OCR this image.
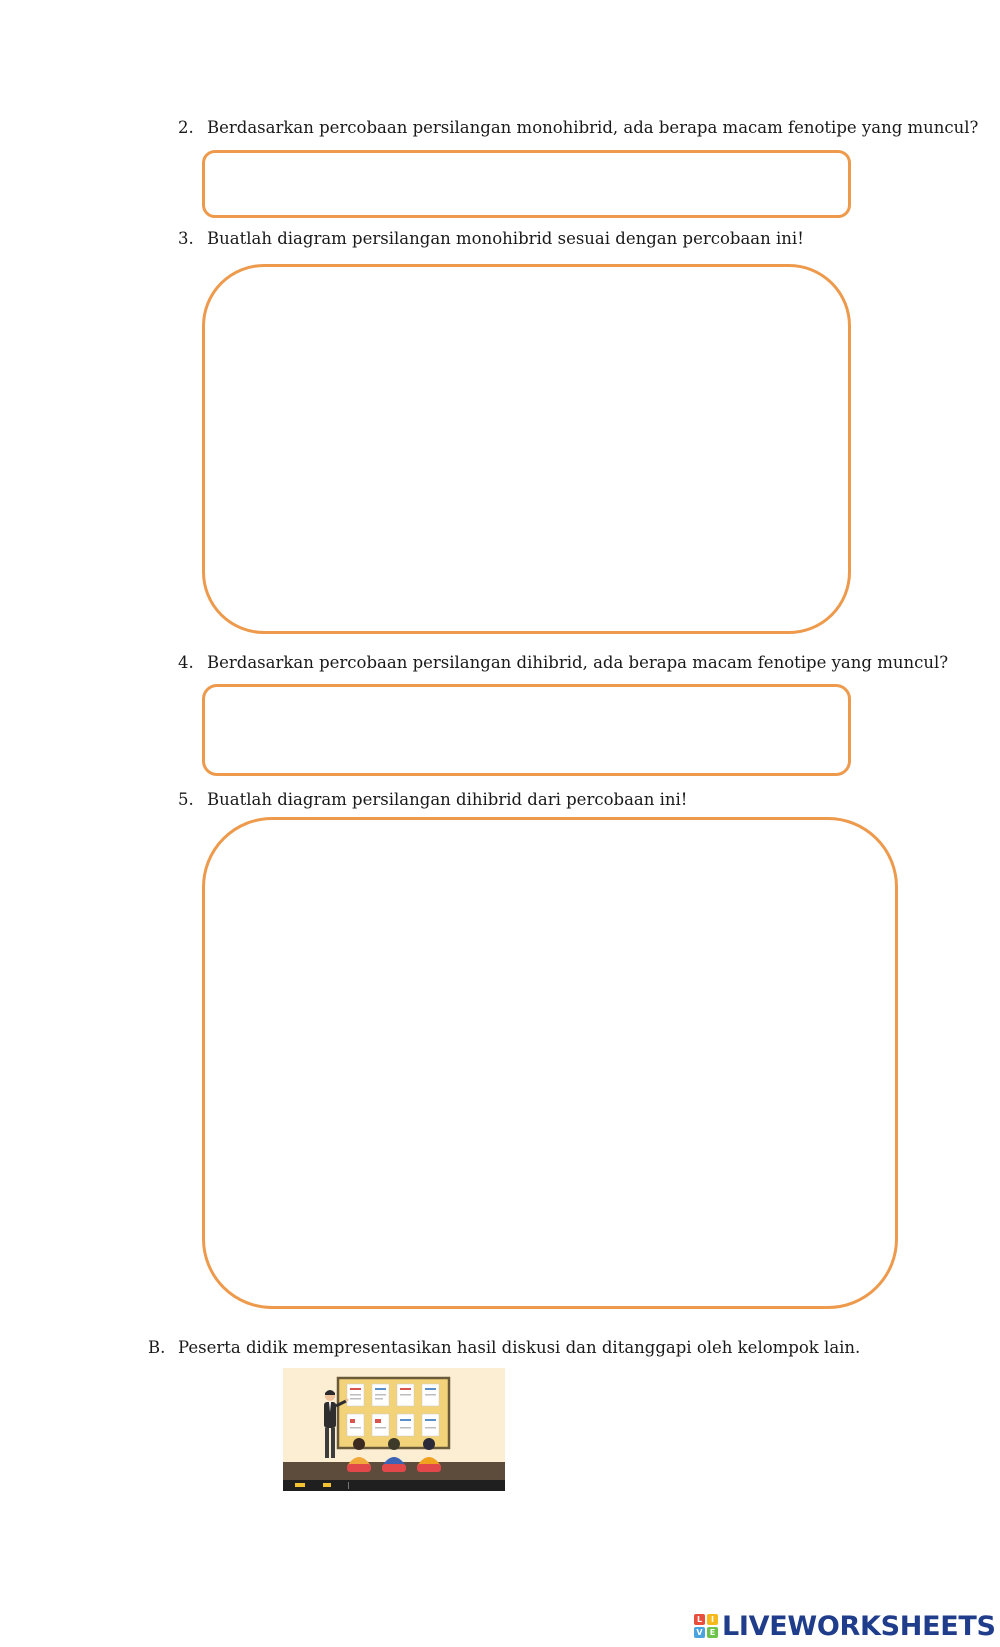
2. Berdasarkan percobaan persilangan monohibrid, ada berapa macam fenotipe yang muncul?
3. Buatlah diagram persilangan monohibrid sesuai dengan percobaan ini!
4. Berdasarkan percobaan persilangan dihibrid, ada berapa macam fenotipe yang muncul?
5. Buatlah diagram persilangan dihibrid dari percobaan ini!
B. Peserta didik mempresentasikan hasil diskusi dan ditanggapi oleh kelompok lain.
L	I
V E LIVEWORKSHEETS
